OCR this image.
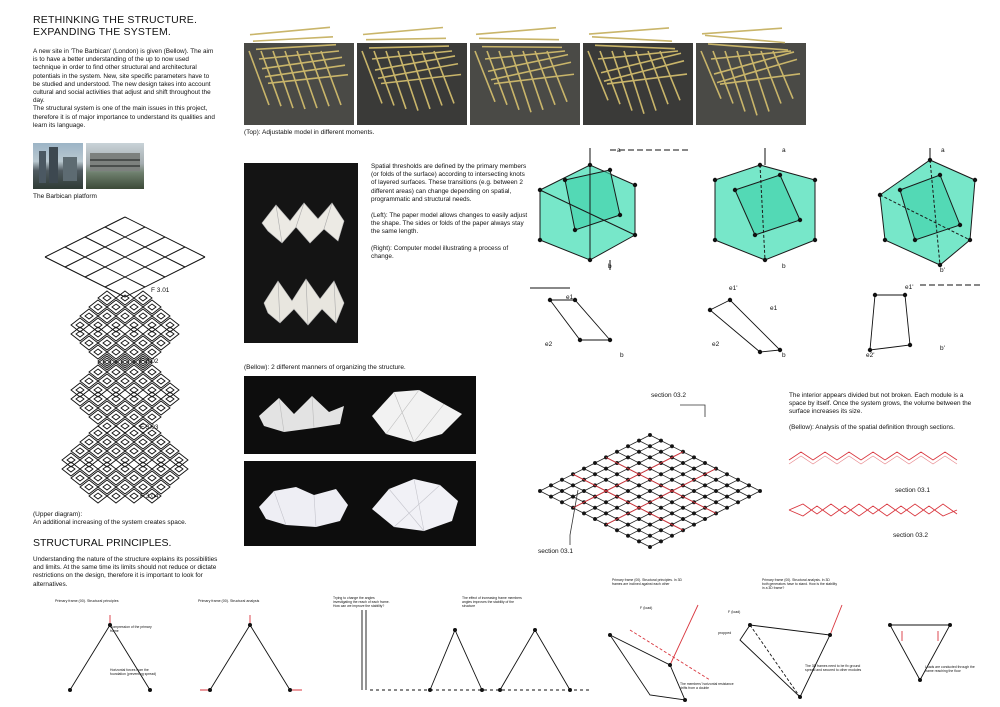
RETHINKING THE STRUCTURE.
EXPANDING THE SYSTEM.
A new site in 'The Barbican' (London) is given (Bellow). The aim is to have a better understanding of the up to now used technique in order to find other structural and architectural potentials in the system. New, site specific parameters have to be studied and understood. The new design takes into account cultural and social activities that adjust and shift throughout the day.
The structural system is one of the main issues in this project, therefore it is of major importance to understand its qualities and learn its language.
The Barbican platform
F 3.01
F 3.02
F 3.03
F 3.04
(Upper diagram):
An additional increasing of the system creates space.
STRUCTURAL PRINCIPLES.
Understanding the nature of the structure explains its possibilities and limits. At the same time its limits should not reduce or dictate restrictions on the design, therefore it is important to look for alternatives.
(Top): Adjustable model in different moments.
Spatial thresholds are defined by the primary members (or folds of the surface) according to intersecting knots of layered surfaces. These transitions (e.g. between 2 different areas) can change depending on spatial, programmatic and structural needs.
(Left): The paper model allows changes to easily adjust the shape. The sides or folds of the paper always stay the same length.
(Right): Computer model illustrating a process of change.
a
b
a
b
a
b'
e1
e2
b
e1'
e1
e2
b
e1'
e2'
b'
(Bellow): 2 different manners of organizing the structure.
section 03.2
section 03.1
The interior appears divided but not broken. Each module is a space by itself. Once the system grows, the volume between the surface increases its size.
(Bellow): Analysis of the spatial definition through sections.
section 03.1
section 03.2
Primary frame (00). Structural principles	Primary frame (00). Structural analysis
Trying to change the angles investigating the reach of each frame. How can we improve the stability?
The effect of increasing frame members angles improves the stability of the structure
Primary frame (00). Structural principles. In 3D frames are inclined against each other
Primary frame (00). Structural analysis. In 3D both generators have to stand. How is the stability in a 3D frame?
Compression of the primary frame
Horizontal forces from the foundation (preventing spread)
The members' horizontal resistance drifts from a double
The 3D frames need to be fix ground spread and secured to other modules
Loads are conducted through the frame reaching the floor
F (load)
F (load)
propped
